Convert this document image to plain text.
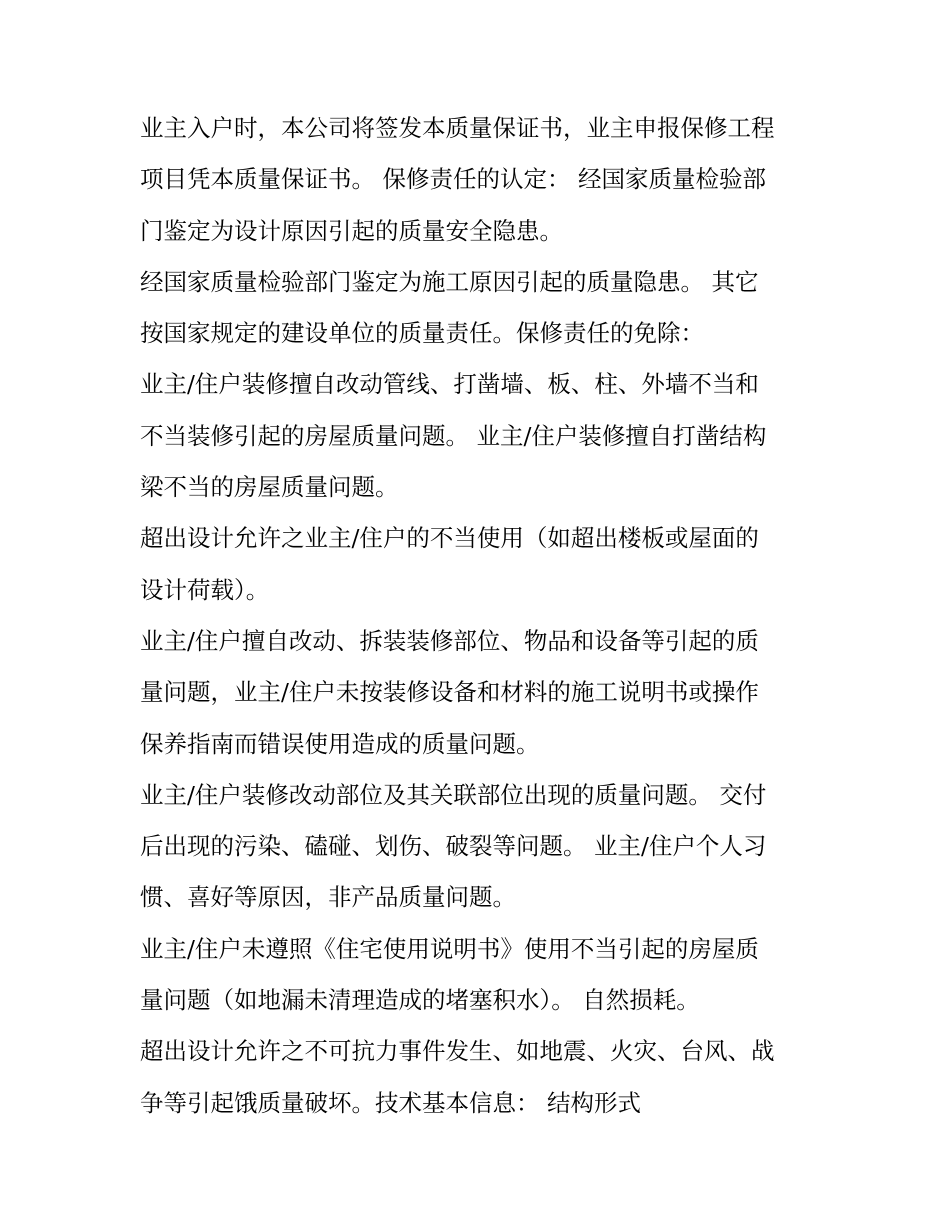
业主入户时，本公司将签发本质量保证书，业主申报保修工程
项目凭本质量保证书。 保修责任的认定： 经国家质量检验部
门鉴定为设计原因引起的质量安全隐患。

经国家质量检验部门鉴定为施工原因引起的质量隐患。 其它
按国家规定的建设单位的质量责任。保修责任的免除：

业主/住户装修擅自改动管线、打凿墙、板、柱、外墙不当和
不当装修引起的房屋质量问题。 业主/住户装修擅自打凿结构
梁不当的房屋质量问题。

超出设计允许之业主/住户的不当使用（如超出楼板或屋面的
设计荷载）。

业主/住户擅自改动、拆装装修部位、物品和设备等引起的质
量问题，业主/住户未按装修设备和材料的施工说明书或操作
保养指南而错误使用造成的质量问题。

业主/住户装修改动部位及其关联部位出现的质量问题。 交付
后出现的污染、磕碰、划伤、破裂等问题。 业主/住户个人习
惯、喜好等原因，非产品质量问题。

业主/住户未遵照《住宅使用说明书》使用不当引起的房屋质
量问题（如地漏未清理造成的堵塞积水）。 自然损耗。

超出设计允许之不可抗力事件发生、如地震、火灾、台风、战
争等引起饿质量破坏。技术基本信息： 结构形式
